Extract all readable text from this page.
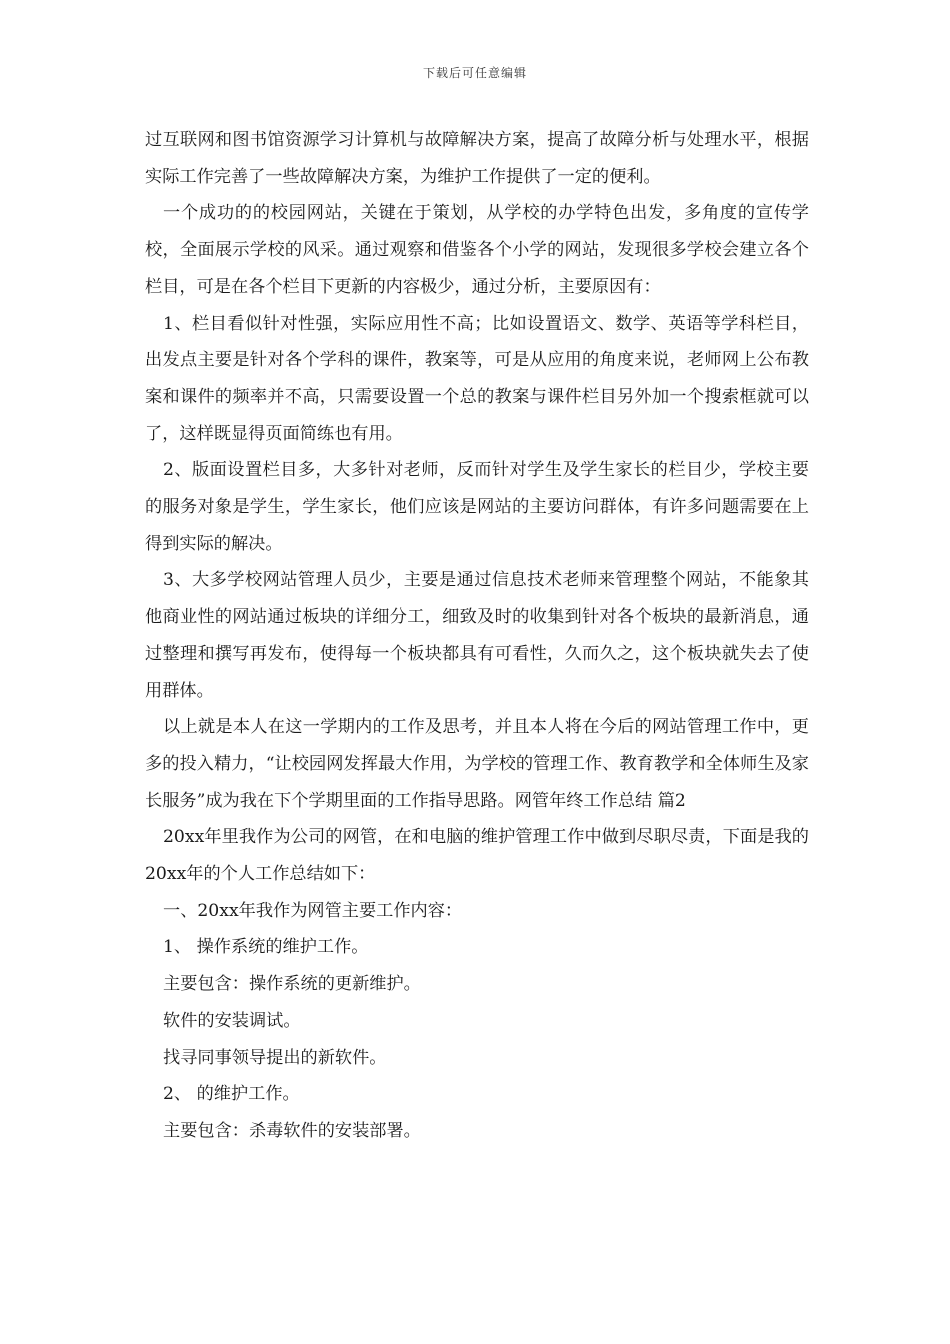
下载后可任意编辑

过互联网和图书馆资源学习计算机与故障解决方案，提高了故障分析与处理水平，根据实际工作完善了一些故障解决方案，为维护工作提供了一定的便利。

一个成功的的校园网站，关键在于策划，从学校的办学特色出发，多角度的宣传学校，全面展示学校的风采。通过观察和借鉴各个小学的网站，发现很多学校会建立各个栏目，可是在各个栏目下更新的内容极少，通过分析，主要原因有：

1、栏目看似针对性强，实际应用性不高；比如设置语文、数学、英语等学科栏目，出发点主要是针对各个学科的课件，教案等，可是从应用的角度来说，老师网上公布教案和课件的频率并不高，只需要设置一个总的教案与课件栏目另外加一个搜索框就可以了，这样既显得页面简练也有用。

2、版面设置栏目多，大多针对老师，反而针对学生及学生家长的栏目少，学校主要的服务对象是学生，学生家长，他们应该是网站的主要访问群体，有许多问题需要在上得到实际的解决。

3、大多学校网站管理人员少，主要是通过信息技术老师来管理整个网站，不能象其他商业性的网站通过板块的详细分工，细致及时的收集到针对各个板块的最新消息，通过整理和撰写再发布，使得每一个板块都具有可看性，久而久之，这个板块就失去了使用群体。

以上就是本人在这一学期内的工作及思考，并且本人将在今后的网站管理工作中，更多的投入精力，“让校园网发挥最大作用，为学校的管理工作、教育教学和全体师生及家长服务”成为我在下个学期里面的工作指导思路。网管年终工作总结 篇2

20xx年里我作为公司的网管，在和电脑的维护管理工作中做到尽职尽责，下面是我的20xx年的个人工作总结如下：

一、20xx年我作为网管主要工作内容：

1、 操作系统的维护工作。

主要包含：操作系统的更新维护。

软件的安装调试。

找寻同事领导提出的新软件。

2、 的维护工作。

主要包含：杀毒软件的安装部署。
